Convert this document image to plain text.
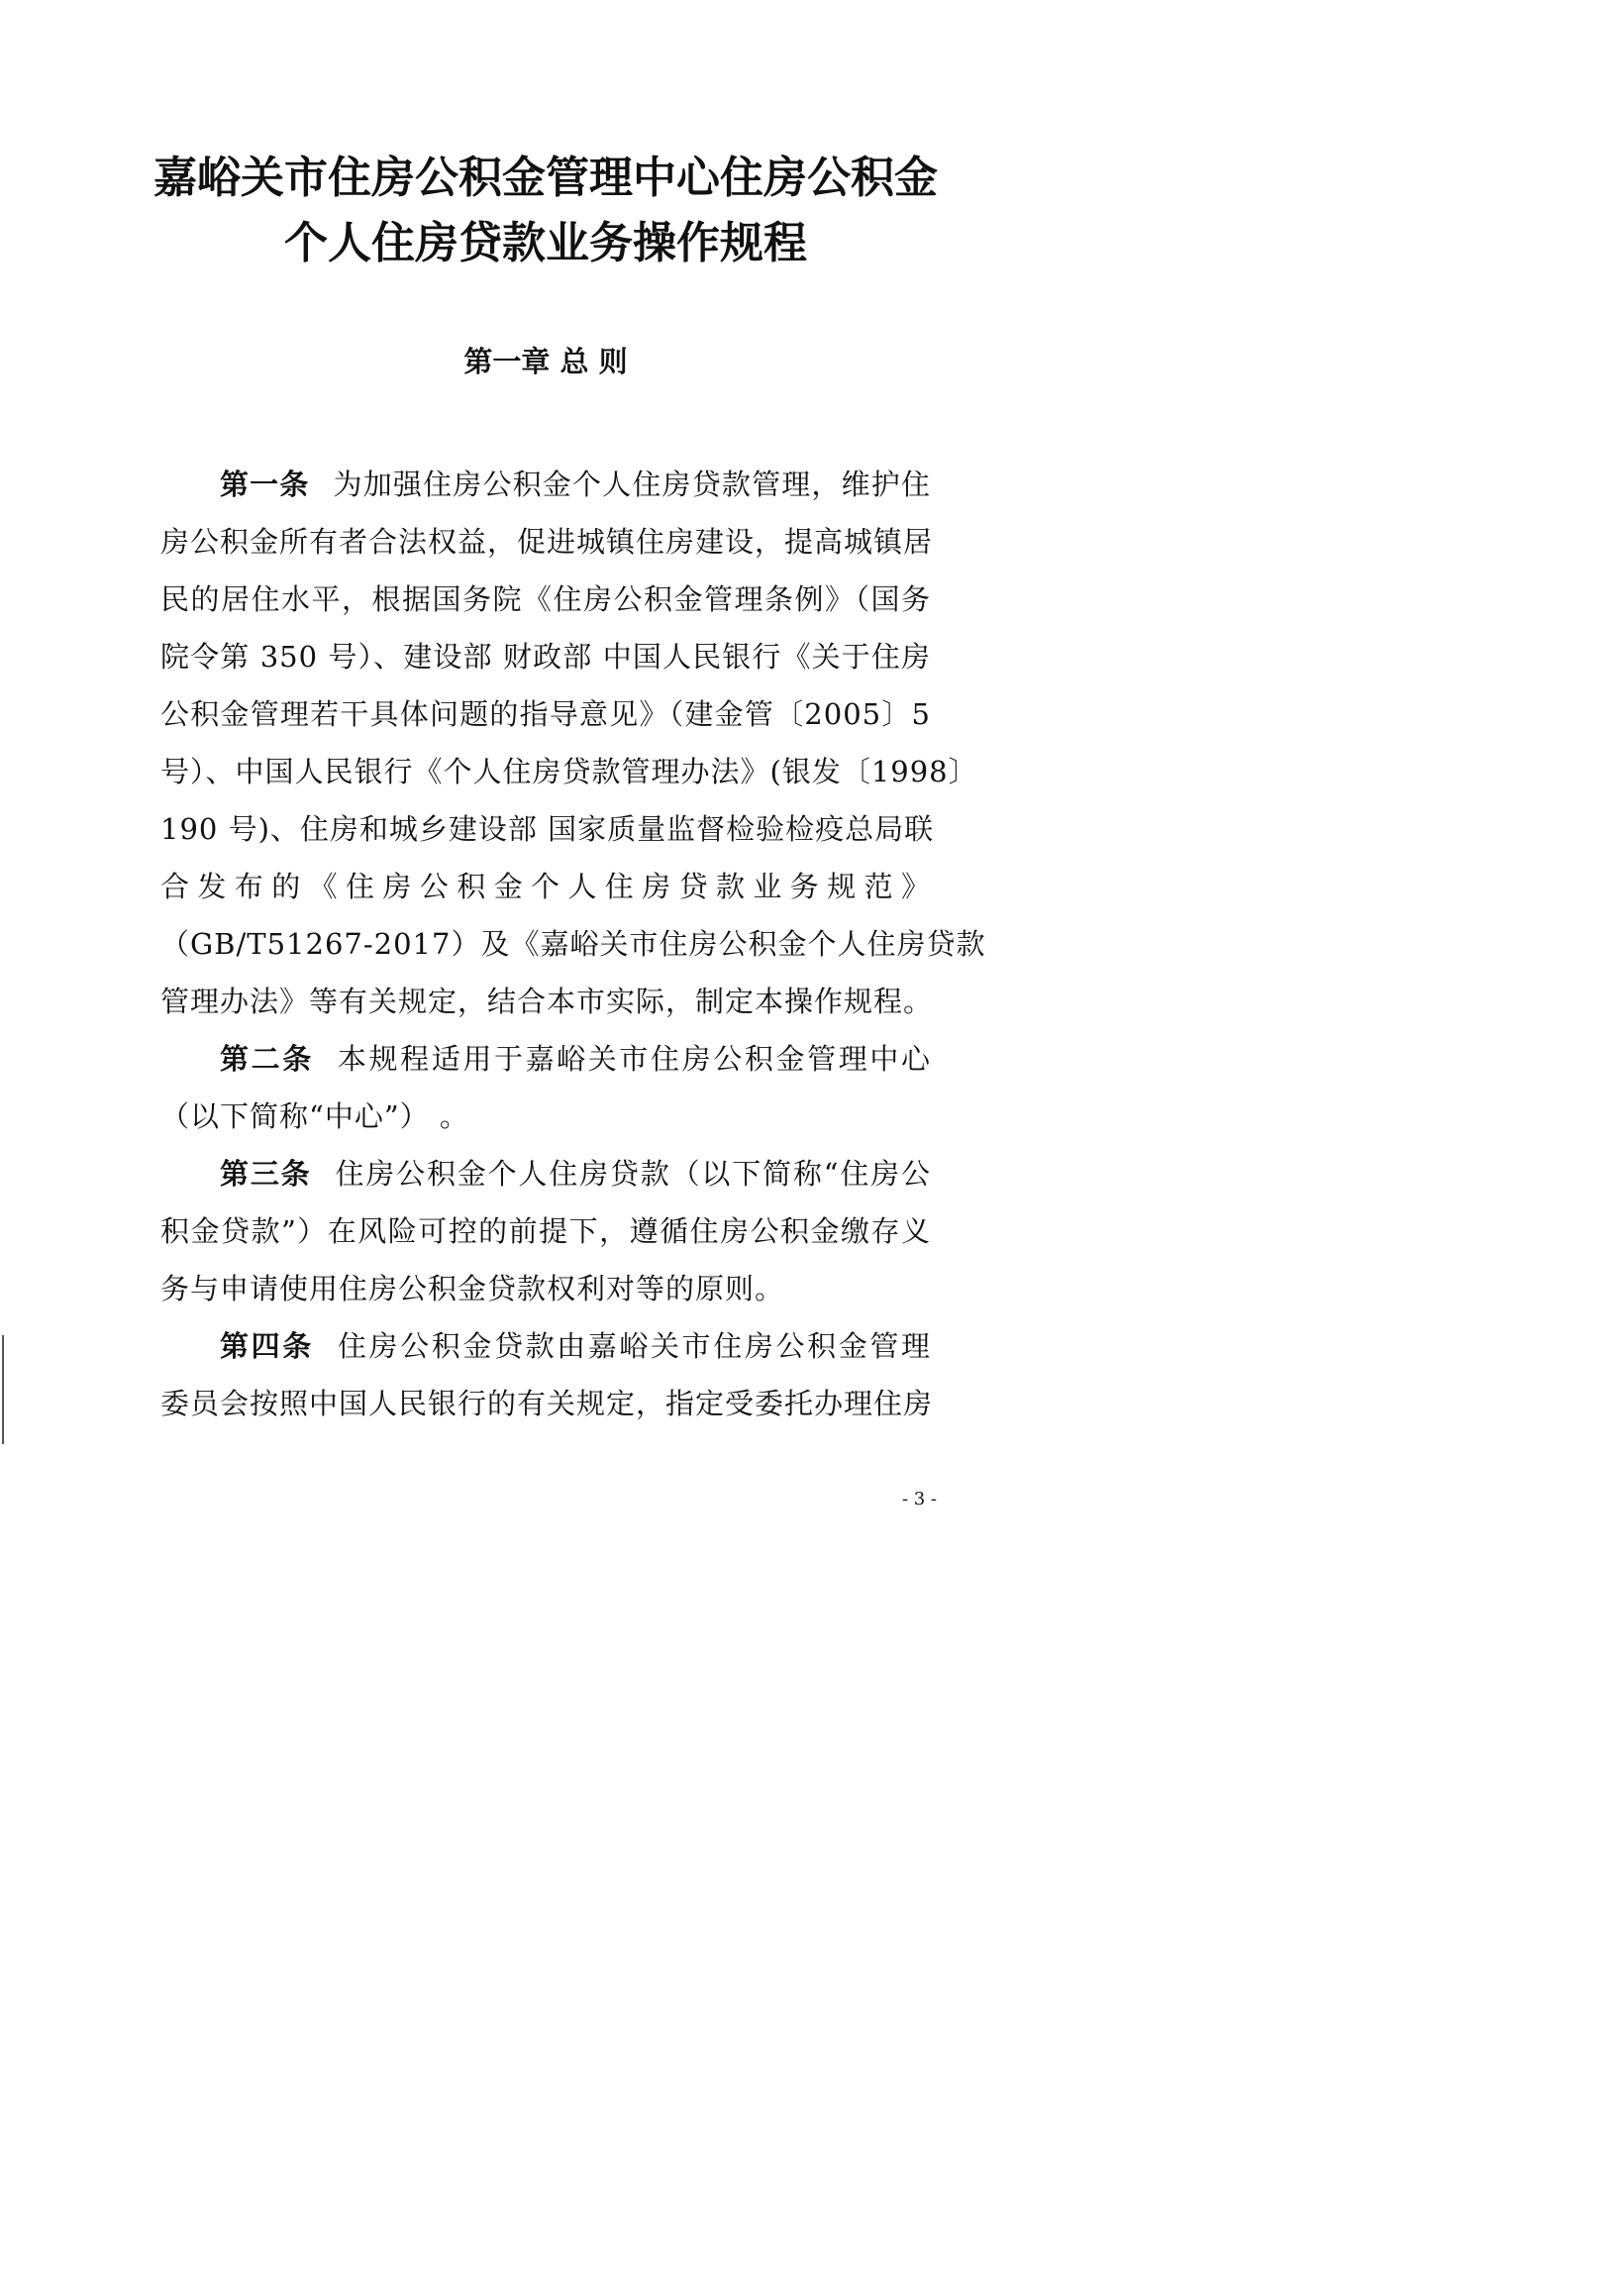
嘉峪关市住房公积金管理中心住房公积金
个人住房贷款业务操作规程
第一章 总 则
第一条 为加强住房公积金个人住房贷款管理，维护住
房公积金所有者合法权益，促进城镇住房建设，提高城镇居
民的居住水平，根据国务院《住房公积金管理条例》（国务
院令第 350 号）、建设部 财政部 中国人民银行《关于住房
公积金管理若干具体问题的指导意见》（建金管〔2005〕5
号）、中国人民银行《个人住房贷款管理办法》(银发〔1998〕
190 号)、住房和城乡建设部 国家质量监督检验检疫总局联
合发布的《住房公积金个人住房贷款业务规范》
（GB/T51267-2017）及《嘉峪关市住房公积金个人住房贷款
管理办法》等有关规定，结合本市实际，制定本操作规程。
第二条 本规程适用于嘉峪关市住房公积金管理中心
（以下简称“中心”） 。
第三条 住房公积金个人住房贷款（以下简称“住房公
积金贷款”）在风险可控的前提下，遵循住房公积金缴存义
务与申请使用住房公积金贷款权利对等的原则。
第四条 住房公积金贷款由嘉峪关市住房公积金管理
委员会按照中国人民银行的有关规定，指定受委托办理住房
- 3 -
